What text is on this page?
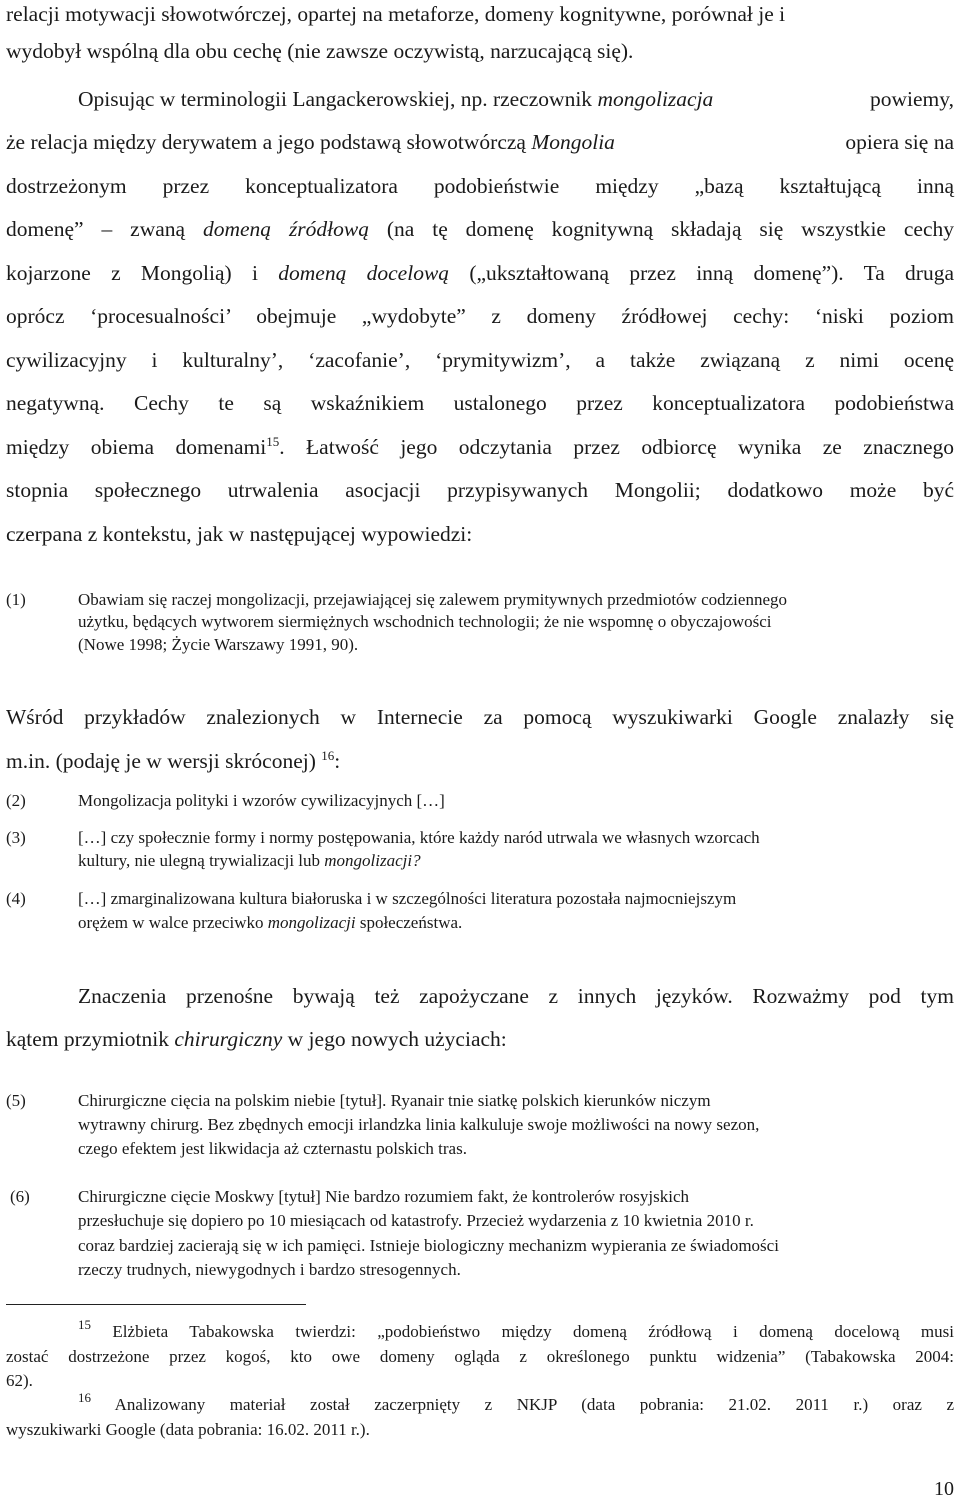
relacji motywacji słowotwórczej, opartej na metaforze, domeny kognitywne, porównał je i
wydobył wspólną dla obu cechę (nie zawsze oczywistą, narzucającą się).
Opisując w terminologii Langackerowskiej, np. rzeczownik mongolizacja	powiemy,
że relacja między derywatem a jego podstawą słowotwórczą Mongolia	opiera się na
dostrzeżonym przez konceptualizatora podobieństwie między „bazą kształtującą inną
domenę” – zwaną domeną źródłową (na tę domenę kognitywną składają się wszystkie cechy
kojarzone z Mongolią) i domeną docelową („ukształtowaną przez inną domenę”). Ta druga
oprócz ‘procesualności’ obejmuje „wydobyte” z domeny źródłowej cechy: ‘niski poziom
cywilizacyjny i kulturalny’, ‘zacofanie’, ‘prymitywizm’, a także związaną z nimi ocenę
negatywną. Cechy te są wskaźnikiem ustalonego przez konceptualizatora podobieństwa
między obiema domenami$^{15}$. Łatwość jego odczytania przez odbiorcę wynika ze znacznego
stopnia społecznego utrwalenia asocjacji przypisywanych Mongolii; dodatkowo może być
czerpana z kontekstu, jak w następującej wypowiedzi:
(1)	Obawiam się raczej mongolizacji, przejawiającej się zalewem prymitywnych przedmiotów codziennego
użytku, będących wytworem siermiężnych wschodnich technologii; że nie wspomnę o obyczajowości
(Nowe 1998; Życie Warszawy 1991, 90).
Wśród przykładów znalezionych w Internecie za pomocą wyszukiwarki Google znalazły się
m.in. (podaję je w wersji skróconej) $^{16}$:
(2)	Mongolizacja polityki i wzorów cywilizacyjnych […]
(3)	[…] czy społecznie formy i normy postępowania, które każdy naród utrwala we własnych wzorcach
kultury, nie ulegną trywializacji lub mongolizacji?
(4)	[…] zmarginalizowana kultura białoruska i w szczególności literatura pozostała najmocniejszym
orężem w walce przeciwko mongolizacji społeczeństwa.
Znaczenia przenośne bywają też zapożyczane z innych języków. Rozważmy pod tym
kątem przymiotnik chirurgiczny w jego nowych użyciach:
(5)	Chirurgiczne cięcia na polskim niebie [tytuł]. Ryanair tnie siatkę polskich kierunków niczym
wytrawny chirurg. Bez zbędnych emocji irlandzka linia kalkuluje swoje możliwości na nowy sezon,
czego efektem jest likwidacja aż czternastu polskich tras.
(6)	Chirurgiczne cięcie Moskwy [tytuł] Nie bardzo rozumiem fakt, że kontrolerów rosyjskich
przesłuchuje się dopiero po 10 miesiącach od katastrofy. Przecież wydarzenia z 10 kwietnia 2010 r.
coraz bardziej zacierają się w ich pamięci. Istnieje biologiczny mechanizm wypierania ze świadomości
rzeczy trudnych, niewygodnych i bardzo stresogennych.
$^{15}$ Elżbieta Tabakowska twierdzi: „podobieństwo między domeną źródłową i domeną docelową musi
zostać dostrzeżone przez kogoś, kto owe domeny ogląda z określonego punktu widzenia” (Tabakowska 2004:
62).
$^{16}$ Analizowany materiał został zaczerpnięty z NKJP (data pobrania: 21.02. 2011 r.) oraz z
wyszukiwarki Google (data pobrania: 16.02. 2011 r.).
10
